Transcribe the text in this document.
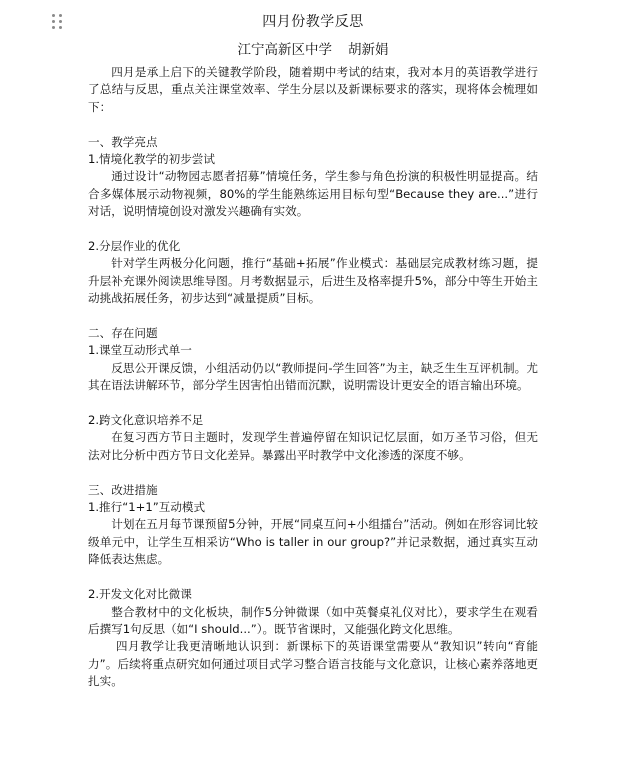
四月份教学反思
江宁高新区中学 胡新娟

四月是承上启下的关键教学阶段，随着期中考试的结束，我对本月的英语教学进行了总结与反思，重点关注课堂效率、学生分层以及新课标要求的落实，现将体会梳理如下：

一、教学亮点

1.情境化教学的初步尝试

通过设计“动物园志愿者招募”情境任务，学生参与角色扮演的积极性明显提高。结合多媒体展示动物视频，80%的学生能熟练运用目标句型“Because they are...”进行对话，说明情境创设对激发兴趣确有实效。

2.分层作业的优化

针对学生两极分化问题，推行“基础+拓展”作业模式：基础层完成教材练习题，提升层补充课外阅读思维导图。月考数据显示，后进生及格率提升5%，部分中等生开始主动挑战拓展任务，初步达到“减量提质”目标。

二、存在问题

1.课堂互动形式单一

反思公开课反馈，小组活动仍以“教师提问-学生回答”为主，缺乏生生互评机制。尤其在语法讲解环节，部分学生因害怕出错而沉默，说明需设计更安全的语言输出环境。

2.跨文化意识培养不足

在复习西方节日主题时，发现学生普遍停留在知识记忆层面，如万圣节习俗，但无法对比分析中西方节日文化差异。暴露出平时教学中文化渗透的深度不够。

三、改进措施

1.推行“1+1”互动模式

计划在五月每节课预留5分钟，开展“同桌互问+小组擂台”活动。例如在形容词比较级单元中，让学生互相采访“Who is taller in our group?”并记录数据，通过真实互动降低表达焦虑。

2.开发文化对比微课

整合教材中的文化板块，制作5分钟微课（如中英餐桌礼仪对比），要求学生在观看后撰写1句反思（如“I should...”）。既节省课时，又能强化跨文化思维。

四月教学让我更清晰地认识到：新课标下的英语课堂需要从“教知识”转向“育能力”。后续将重点研究如何通过项目式学习整合语言技能与文化意识，让核心素养落地更扎实。
